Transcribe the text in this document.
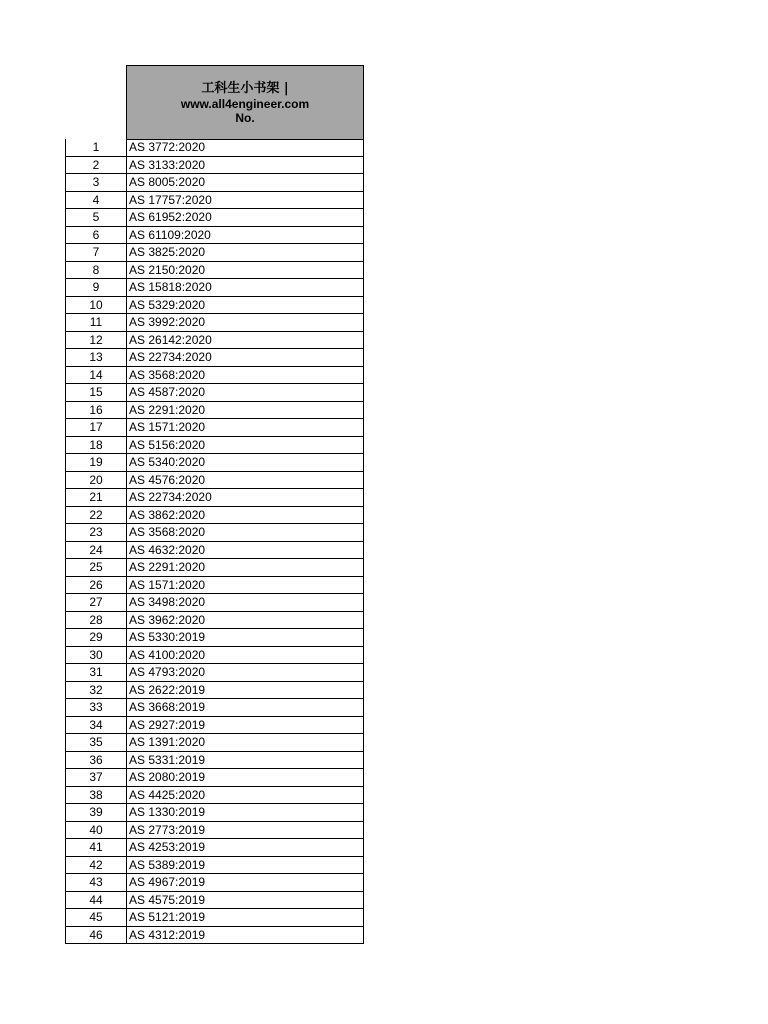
工科生小书架 |
www.all4engineer.com
No.
1	AS 3772:2020
2	AS 3133:2020
3	AS 8005:2020
4	AS 17757:2020
5	AS 61952:2020
6	AS 61109:2020
7	AS 3825:2020
8	AS 2150:2020
9	AS 15818:2020
10	AS 5329:2020
11	AS 3992:2020
12	AS 26142:2020
13	AS 22734:2020
14	AS 3568:2020
15	AS 4587:2020
16	AS 2291:2020
17	AS 1571:2020
18	AS 5156:2020
19	AS 5340:2020
20	AS 4576:2020
21	AS 22734:2020
22	AS 3862:2020
23	AS 3568:2020
24	AS 4632:2020
25	AS 2291:2020
26	AS 1571:2020
27	AS 3498:2020
28	AS 3962:2020
29	AS 5330:2019
30	AS 4100:2020
31	AS 4793:2020
32	AS 2622:2019
33	AS 3668:2019
34	AS 2927:2019
35	AS 1391:2020
36	AS 5331:2019
37	AS 2080:2019
38	AS 4425:2020
39	AS 1330:2019
40	AS 2773:2019
41	AS 4253:2019
42	AS 5389:2019
43	AS 4967:2019
44	AS 4575:2019
45	AS 5121:2019
46	AS 4312:2019
